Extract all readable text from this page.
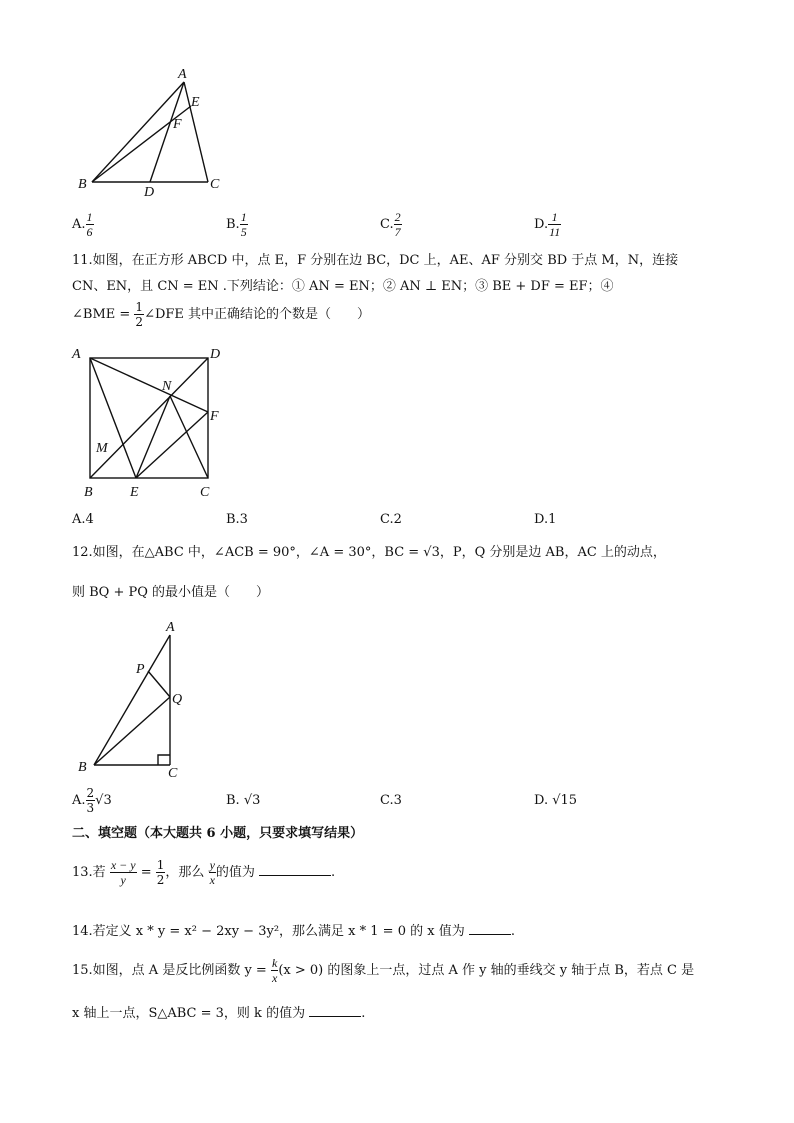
A
E
F
B
D
C
A. $\frac{1}{6}$	B. $\frac{1}{5}$	C. $\frac{2}{7}$	D. $\frac{1}{11}$
11.如图，在正方形 ABCD 中，点 E，F 分别在边 BC，DC 上，AE、AF 分别交 BD 于点 M，N，连接
CN、EN，且 CN = EN .下列结论：① AN = EN；② AN ⊥ EN；③ BE + DF = EF；④
∠BME = $\frac{1}{2}$ ∠DFE 其中正确结论的个数是（　　）
A	D
N
F
M
B	E	C
A.4	B.3	C.2	D.1
12.如图，在△ABC 中，∠ACB = 90°，∠A = 30°，BC = √3，P，Q 分别是边 AB，AC 上的动点，
则 BQ + PQ 的最小值是（　　）
A
P
Q
B	C
A. $\frac{2}{3} √3$	B. √3	C.3	D. √15
二、填空题（本大题共 6 小题，只要求填写结果）
13.若 $\frac{x - y}{y} = \frac{1}{2}$ ，那么 $\frac{y}{x}$ 的值为	.
14.若定义 x * y = x² − 2xy − 3y²，那么满足 x * 1 = 0 的 x 值为	.
15.如图，点 A 是反比例函数 $y = \frac{k}{x} (x > 0)$ 的图象上一点，过点 A 作 y 轴的垂线交 y 轴于点 B，若点 C 是
x 轴上一点，S△ABC = 3，则 k 的值为	.
